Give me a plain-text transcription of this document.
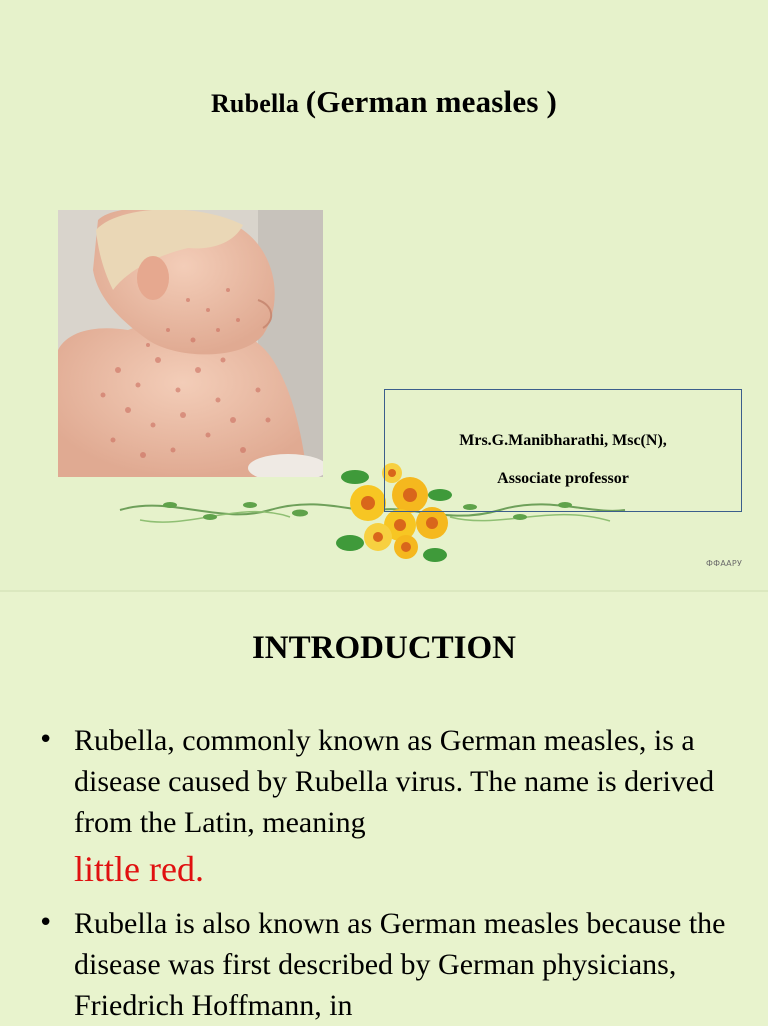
Rubella (German measles )
Mrs.G.Manibharathi, Msc(N),
Associate professor
ФФААРУ
INTRODUCTION
• Rubella, commonly known as German measles, is a disease caused by Rubella virus. The name is derived from the Latin, meaning
little red.
• Rubella is also known as German measles because the disease was first described by German physicians, Friedrich Hoffmann, in
